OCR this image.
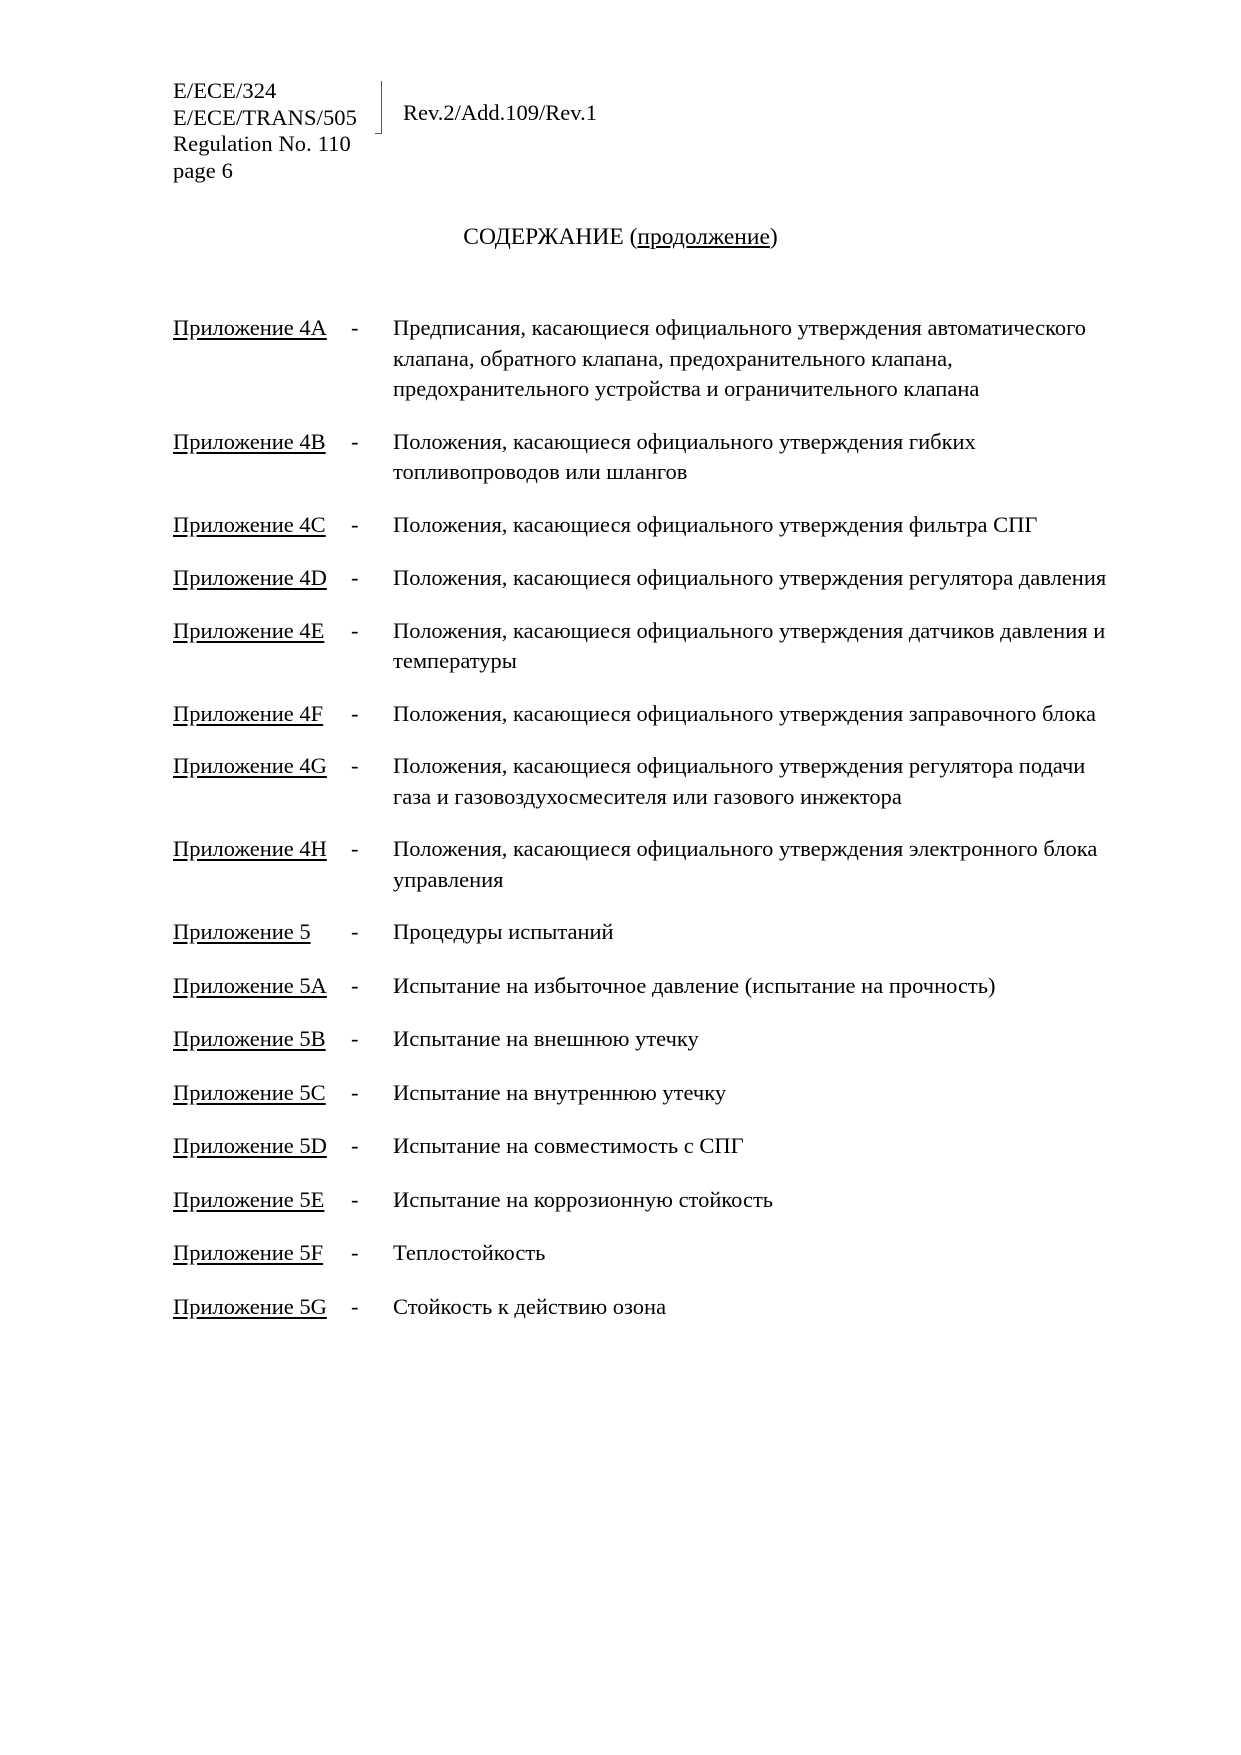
E/ECE/324
E/ECE/TRANS/505
Regulation No. 110
page 6
Rev.2/Add.109/Rev.1
СОДЕРЖАНИЕ (продолжение)
Приложение 4A	-	Предписания, касающиеся официального утверждения автоматического клапана, обратного клапана, предохранительного клапана, предохранительного устройства и ограничительного клапана
Приложение 4B	-	Положения, касающиеся официального утверждения гибких топливопроводов или шлангов
Приложение 4C	-	Положения, касающиеся официального утверждения фильтра СПГ
Приложение 4D	-	Положения, касающиеся официального утверждения регулятора давления
Приложение 4E	-	Положения, касающиеся официального утверждения датчиков давления и температуры
Приложение 4F	-	Положения, касающиеся официального утверждения заправочного блока
Приложение 4G	-	Положения, касающиеся официального утверждения регулятора подачи газа и газовоздухосмесителя или газового инжектора
Приложение 4H	-	Положения, касающиеся официального утверждения электронного блока управления
Приложение 5	-	Процедуры испытаний
Приложение 5A	-	Испытание на избыточное давление (испытание на прочность)
Приложение 5B	-	Испытание на внешнюю утечку
Приложение 5C	-	Испытание на внутреннюю утечку
Приложение 5D	-	Испытание на совместимость с СПГ
Приложение 5E	-	Испытание на коррозионную стойкость
Приложение 5F	-	Теплостойкость
Приложение 5G	-	Стойкость к действию озона
